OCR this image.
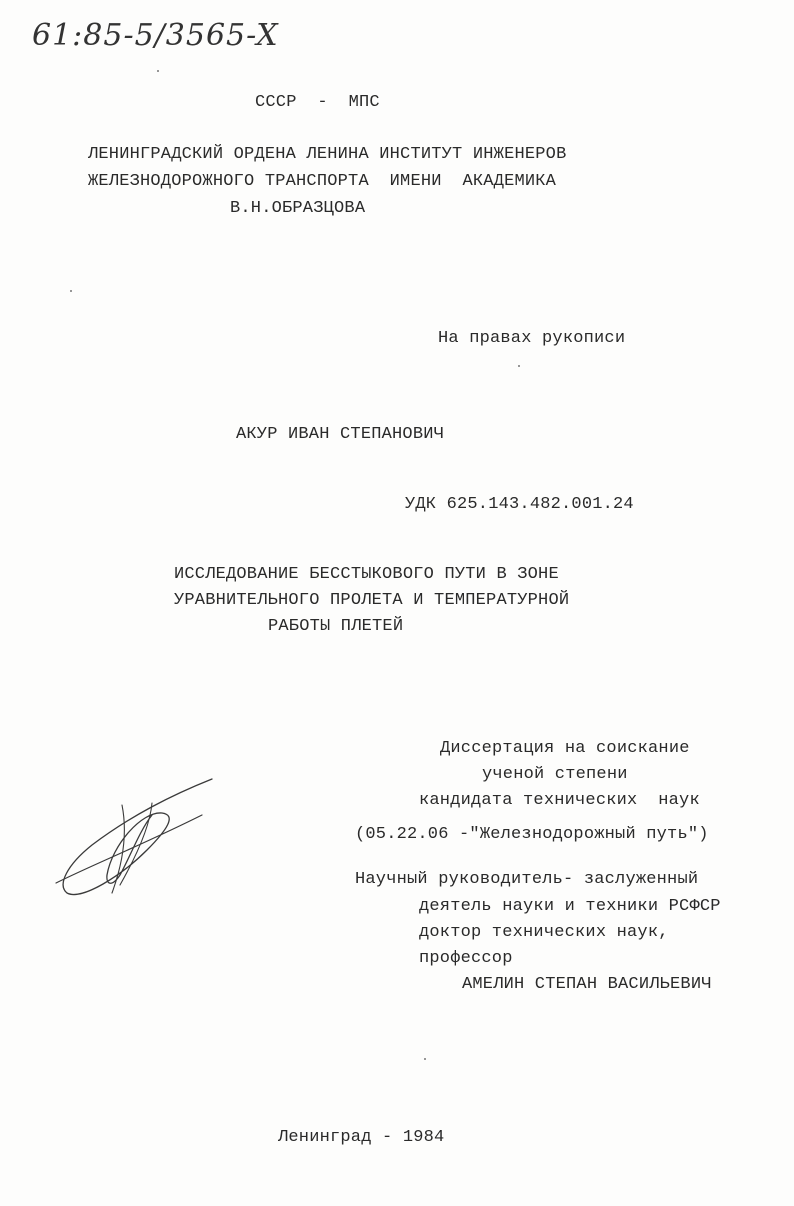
61:85-5/3565-X
СССР  -  МПС
ЛЕНИНГРАДСКИЙ ОРДЕНА ЛЕНИНА ИНСТИТУТ ИНЖЕНЕРОВ
ЖЕЛЕЗНОДОРОЖНОГО ТРАНСПОРТА  ИМЕНИ  АКАДЕМИКА
В.Н.ОБРАЗЦОВА
На правах рукописи
АКУР ИВАН СТЕПАНОВИЧ
УДК 625.143.482.001.24
ИССЛЕДОВАНИЕ БЕССТЫКОВОГО ПУТИ В ЗОНЕ
УРАВНИТЕЛЬНОГО ПРОЛЕТА И ТЕМПЕРАТУРНОЙ
РАБОТЫ ПЛЕТЕЙ
Диссертация на соискание
ученой степени
кандидата технических  наук
(05.22.06 -"Железнодорожный путь")
Научный руководитель- заслуженный
деятель науки и техники РСФСР
доктор технических наук,
профессор
АМЕЛИН СТЕПАН ВАСИЛЬЕВИЧ
Ленинград - 1984
